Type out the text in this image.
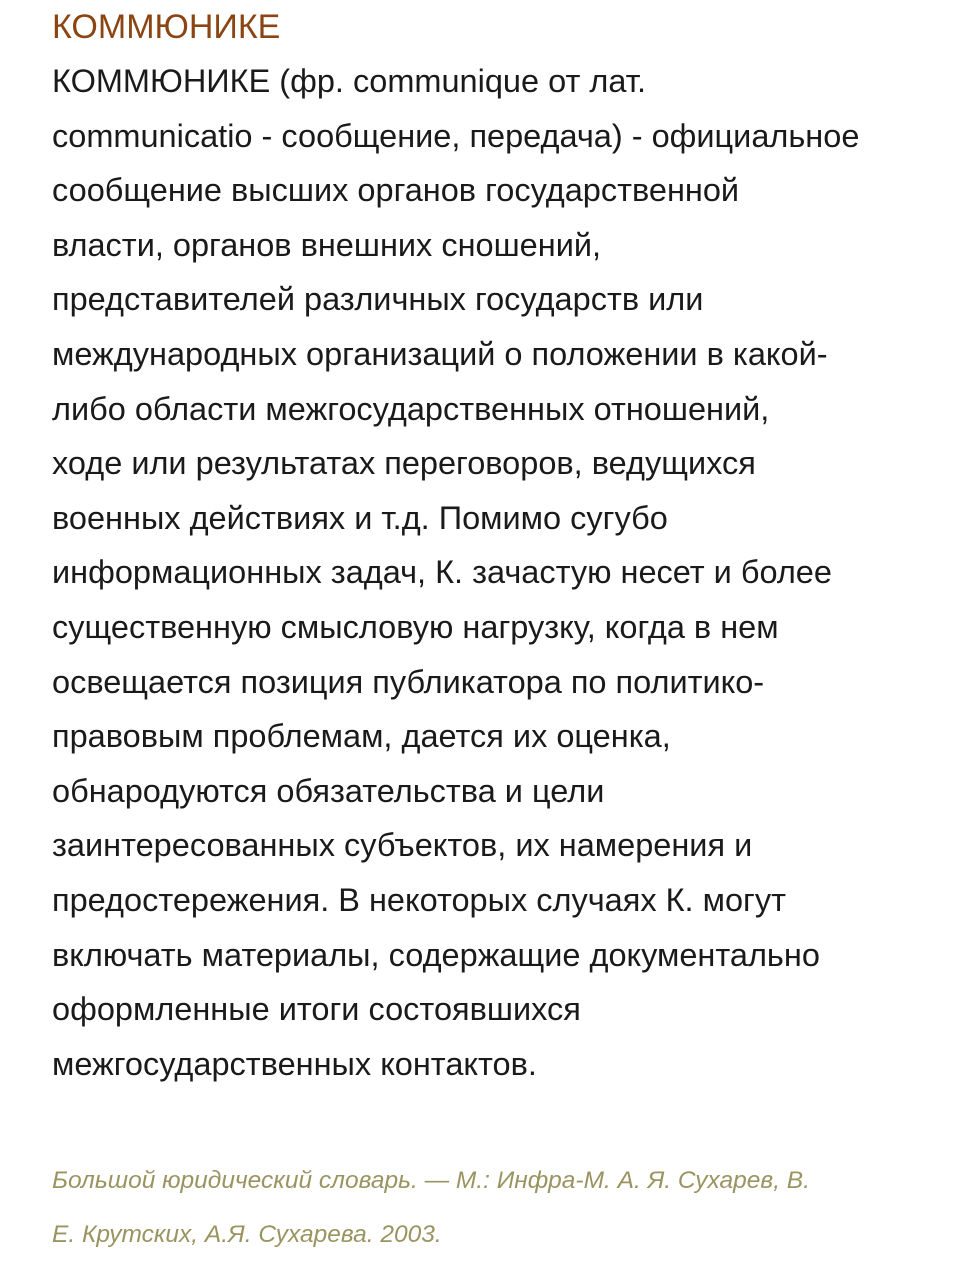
КОММЮНИКЕ

КОММЮНИКЕ (фр. communique от лат.
communicatio - сообщение, передача) - официальное
сообщение высших органов государственной
власти, органов внешних сношений,
представителей различных государств или
международных организаций о положении в какой-
либо области межгосударственных отношений,
ходе или результатах переговоров, ведущихся
военных действиях и т.д. Помимо сугубо
информационных задач, К. зачастую несет и более
существенную смысловую нагрузку, когда в нем
освещается позиция публикатора по политико-
правовым проблемам, дается их оценка,
обнародуются обязательства и цели
заинтересованных субъектов, их намерения и
предостережения. В некоторых случаях К. могут
включать материалы, содержащие документально
оформленные итоги состоявшихся
межгосударственных контактов.

Большой юридический словарь. — М.: Инфра-М. А. Я. Сухарев, В.
Е. Крутских, А.Я. Сухарева. 2003.
